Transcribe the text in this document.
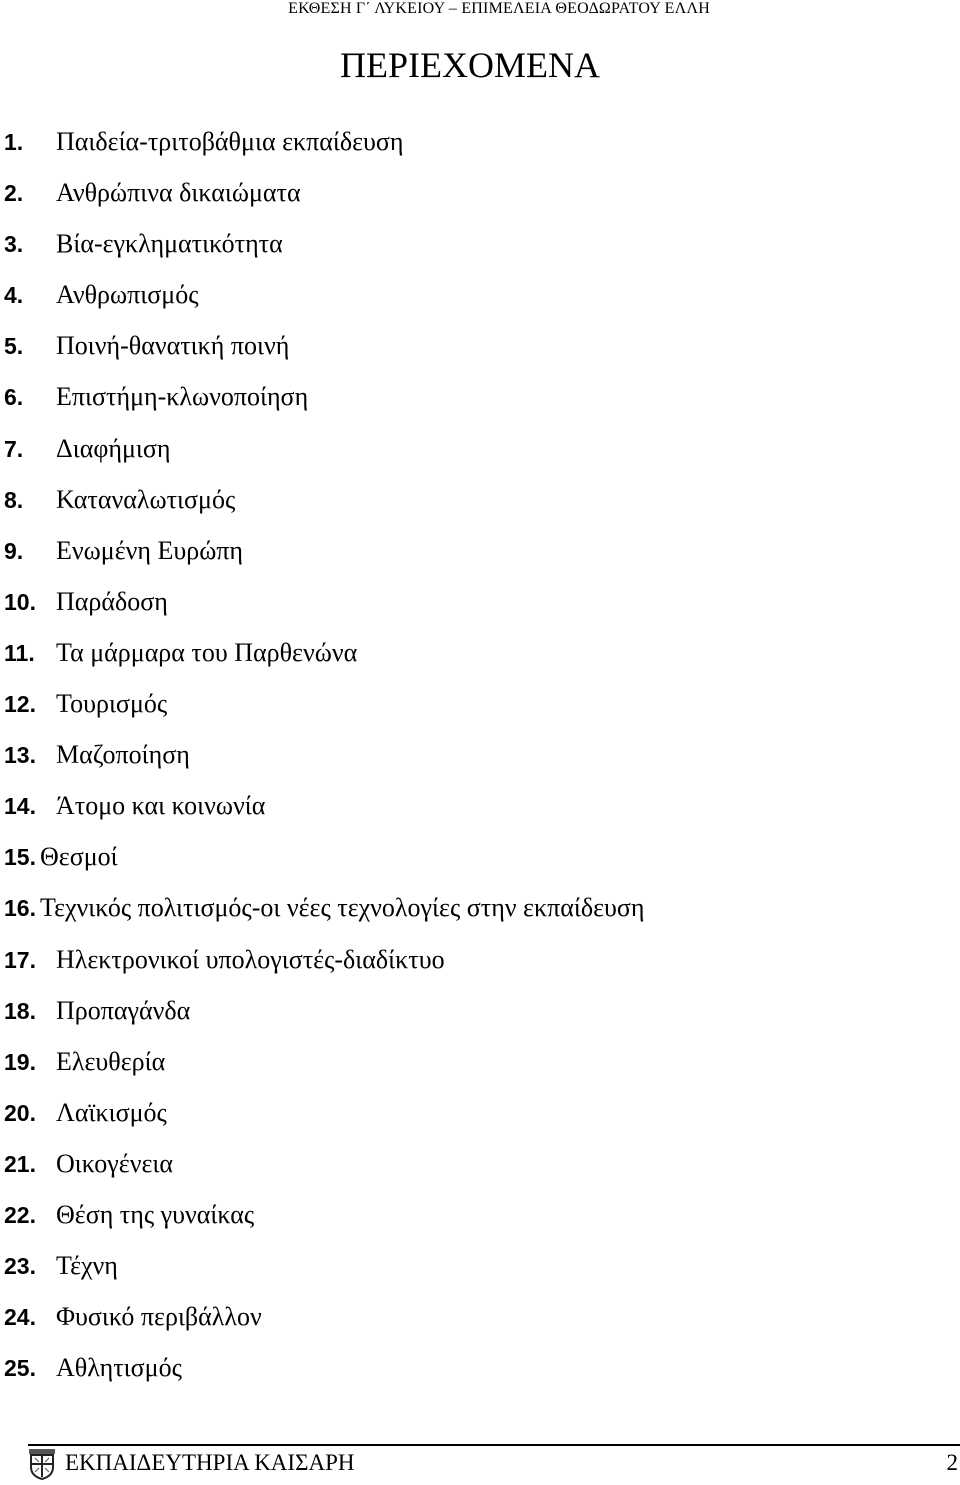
ΕΚΘΕΣΗ Γ΄ ΛΥΚΕΙΟΥ – ΕΠΙΜΕΛΕΙΑ ΘΕΟΔΩΡΑΤΟΥ ΕΛΛΗ
ΠΕΡΙΕΧΟΜΕΝΑ
1.	Παιδεία-τριτοβάθμια εκπαίδευση
2.	Ανθρώπινα δικαιώματα
3.	Βία-εγκληματικότητα
4.	Ανθρωπισμός
5.	Ποινή-θανατική ποινή
6.	Επιστήμη-κλωνοποίηση
7.	Διαφήμιση
8.	Καταναλωτισμός
9.	Ενωμένη Ευρώπη
10. Παράδοση
11. Τα μάρμαρα του Παρθενώνα
12. Τουρισμός
13. Μαζοποίηση
14. Άτομο και κοινωνία
15. Θεσμοί
16. Τεχνικός πολιτισμός-οι νέες τεχνολογίες στην εκπαίδευση
17. Ηλεκτρονικοί υπολογιστές-διαδίκτυο
18. Προπαγάνδα
19. Ελευθερία
20. Λαϊκισμός
21. Οικογένεια
22. Θέση της γυναίκας
23. Τέχνη
24. Φυσικό περιβάλλον
25. Αθλητισμός
ΕΚΠΑΙΔΕΥΤΗΡΙΑ ΚΑΙΣΑΡΗ	2
